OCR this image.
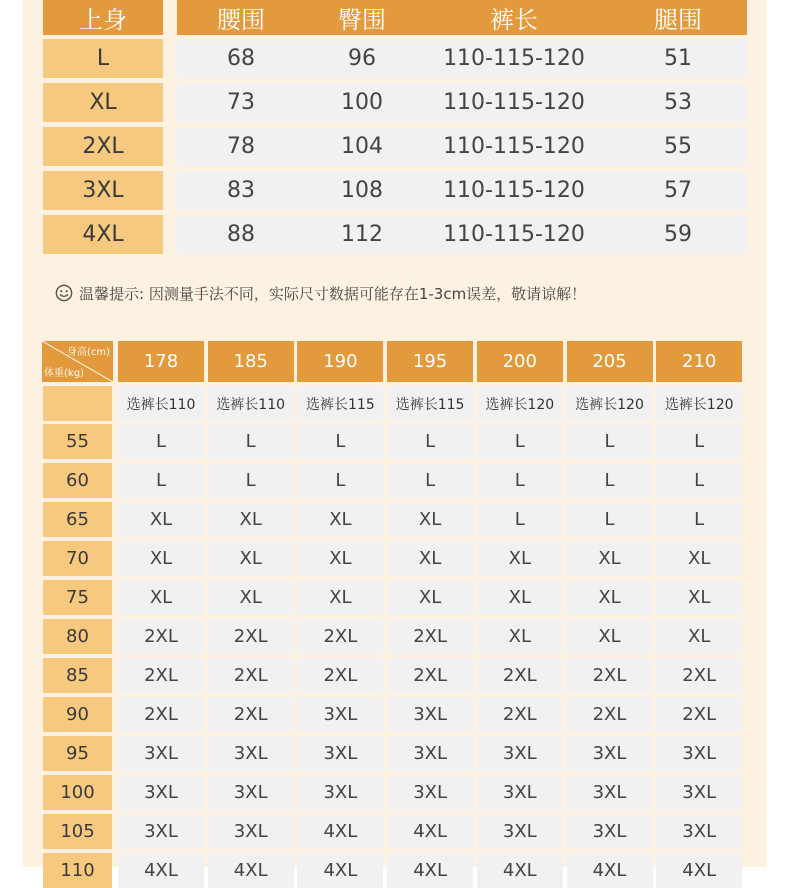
上身	腰围	臀围	裤长	腿围
L	68	96	110-115-120	51
XL	73	100	110-115-120	53
2XL	78	104	110-115-120	55
3XL	83	108	110-115-120	57
4XL	88	112	110-115-120	59
温馨提示: 因测量手法不同，实际尺寸数据可能存在1-3cm误差，敬请谅解！
身高(cm)
体重(kg)
178	185	190	195	200	205	210
选裤长110	选裤长110	选裤长115	选裤长115	选裤长120	选裤长120	选裤长120
55	L	L	L	L	L	L	L
60	L	L	L	L	L	L	L
65	XL	XL	XL	XL	L	L	L
70	XL	XL	XL	XL	XL	XL	XL
75	XL	XL	XL	XL	XL	XL	XL
80	2XL	2XL	2XL	2XL	XL	XL	XL
85	2XL	2XL	2XL	2XL	2XL	2XL	2XL
90	2XL	2XL	3XL	3XL	2XL	2XL	2XL
95	3XL	3XL	3XL	3XL	3XL	3XL	3XL
100	3XL	3XL	3XL	3XL	3XL	3XL	3XL
105	3XL	3XL	4XL	4XL	3XL	3XL	3XL
110	4XL	4XL	4XL	4XL	4XL	4XL	4XL
